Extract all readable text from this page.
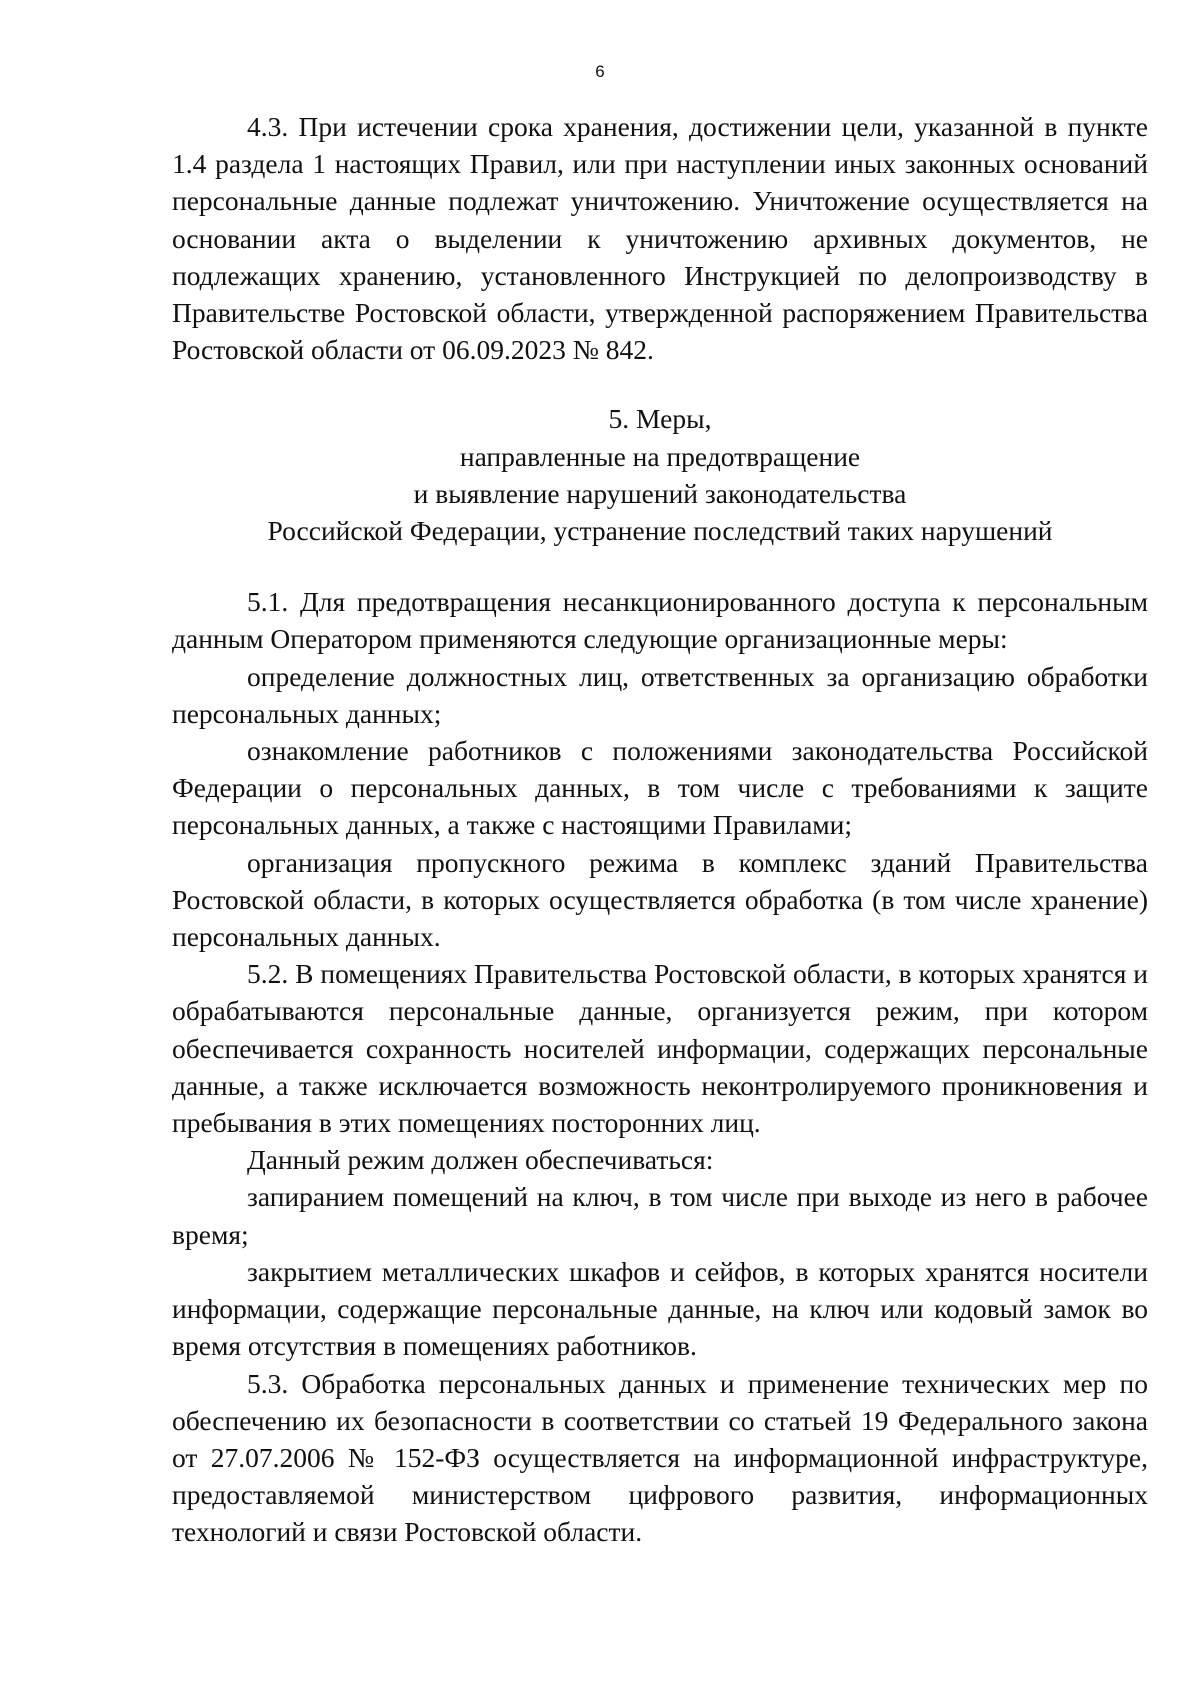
6

4.3. При истечении срока хранения, достижении цели, указанной в пункте 1.4 раздела 1 настоящих Правил, или при наступлении иных законных оснований персональные данные подлежат уничтожению. Уничтожение осуществляется на основании акта о выделении к уничтожению архивных документов, не подлежащих хранению, установленного Инструкцией по делопроизводству в Правительстве Ростовской области, утвержденной распоряжением Правительства Ростовской области от 06.09.2023 № 842.

5. Меры,
направленные на предотвращение
и выявление нарушений законодательства
Российской Федерации, устранение последствий таких нарушений

5.1. Для предотвращения несанкционированного доступа к персональным данным Оператором применяются следующие организационные меры:

определение должностных лиц, ответственных за организацию обработки персональных данных;

ознакомление работников с положениями законодательства Российской Федерации о персональных данных, в том числе с требованиями к защите персональных данных, а также с настоящими Правилами;

организация пропускного режима в комплекс зданий Правительства Ростовской области, в которых осуществляется обработка (в том числе хранение) персональных данных.

5.2. В помещениях Правительства Ростовской области, в которых хранятся и обрабатываются персональные данные, организуется режим, при котором обеспечивается сохранность носителей информации, содержащих персональные данные, а также исключается возможность неконтролируемого проникновения и пребывания в этих помещениях посторонних лиц.

Данный режим должен обеспечиваться:

запиранием помещений на ключ, в том числе при выходе из него в рабочее время;

закрытием металлических шкафов и сейфов, в которых хранятся носители информации, содержащие персональные данные, на ключ или кодовый замок во время отсутствия в помещениях работников.

5.3. Обработка персональных данных и применение технических мер по обеспечению их безопасности в соответствии со статьей 19 Федерального закона от 27.07.2006 № 152-ФЗ осуществляется на информационной инфраструктуре, предоставляемой министерством цифрового развития, информационных технологий и связи Ростовской области.
